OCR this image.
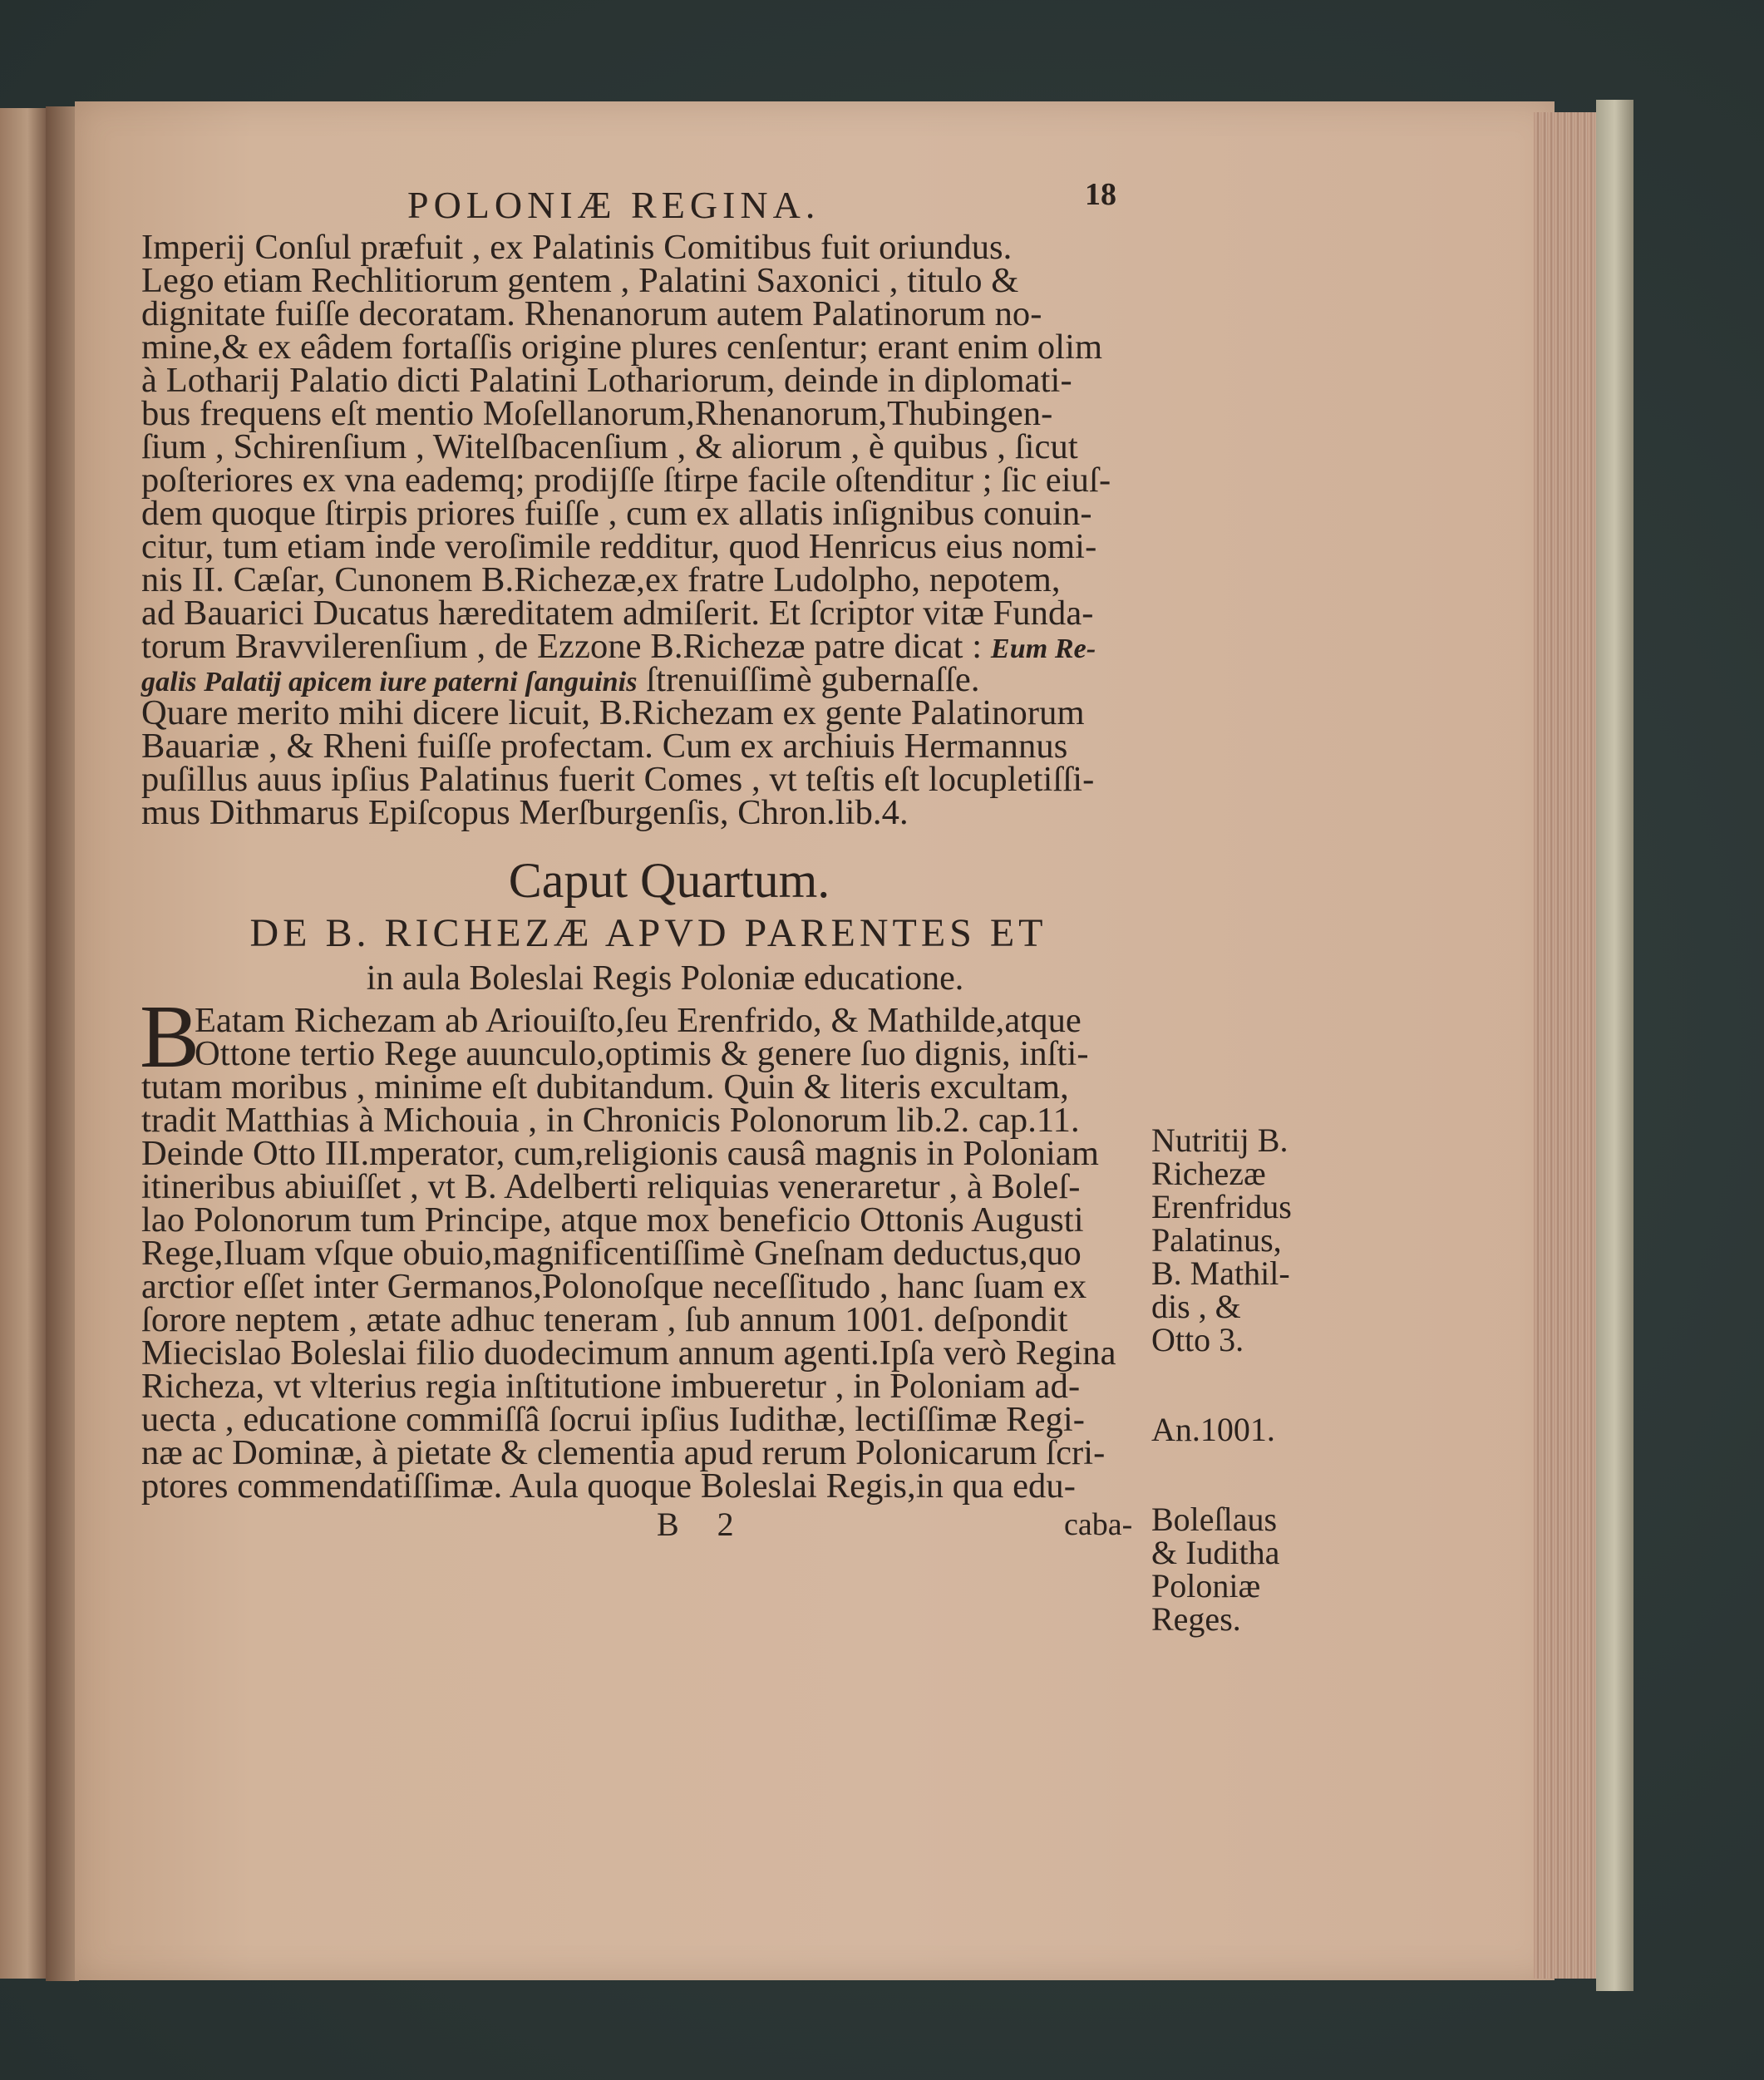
POLONIÆ REGINA.	18
Imperij Conſul præfuit , ex Palatinis Comitibus fuit oriundus.
Lego etiam Rechlitiorum gentem , Palatini Saxonici , titulo &
dignitate fuiſſe decoratam. Rhenanorum autem Palatinorum no-
mine,& ex eâdem fortaſſis origine plures cenſentur; erant enim olim
à Lotharij Palatio dicti Palatini Lothariorum, deinde in diplomati-
bus frequens eſt mentio Moſellanorum,Rhenanorum,Thubingen-
ſium , Schirenſium , Witelſbacenſium , & aliorum , è quibus , ſicut
poſteriores ex vna eademq; prodijſſe ſtirpe facile oſtenditur ; ſic eiuſ-
dem quoque ſtirpis priores fuiſſe , cum ex allatis inſignibus conuin-
citur, tum etiam inde veroſimile redditur, quod Henricus eius nomi-
nis II. Cæſar, Cunonem B.Richezæ,ex fratre Ludolpho, nepotem,
ad Bauarici Ducatus hæreditatem admiſerit. Et ſcriptor vitæ Funda-
torum Bravvilerenſium , de Ezzone B.Richezæ patre dicat : Eum Re-
galis Palatij apicem iure paterni ſanguinis ſtrenuiſſimè gubernaſſe.
Quare merito mihi dicere licuit, B.Richezam ex gente Palatinorum
Bauariæ , & Rheni fuiſſe profectam. Cum ex archiuis Hermannus
puſillus auus ipſius Palatinus fuerit Comes , vt teſtis eſt locupletiſſi-
mus Dithmarus Epiſcopus Merſburgenſis, Chron.lib.4.
Caput Quartum.
DE B. RICHEZÆ APVD PARENTES ET
in aula Boleslai Regis Poloniæ educatione.
B
Eatam Richezam ab Ariouiſto,ſeu Erenfrido, & Mathilde,atque
Ottone tertio Rege auunculo,optimis & genere ſuo dignis, inſti-
tutam moribus , minime eſt dubitandum. Quin & literis excultam,
tradit Matthias à Michouia , in Chronicis Polonorum lib.2. cap.11.
Deinde Otto III.mperator, cum,religionis causâ magnis in Poloniam
itineribus abiuiſſet , vt B. Adelberti reliquias veneraretur , à Boleſ-
lao Polonorum tum Principe, atque mox beneficio Ottonis Augusti
Rege,Iluam vſque obuio,magnificentiſſimè Gneſnam deductus,quo
arctior eſſet inter Germanos,Polonoſque neceſſitudo , hanc ſuam ex
ſorore neptem , ætate adhuc teneram , ſub annum 1001. deſpondit
Miecislao Boleslai filio duodecimum annum agenti.Ipſa verò Regina
Richeza, vt vlterius regia inſtitutione imbueretur , in Poloniam ad-
uecta , educatione commiſſâ ſocrui ipſius Iudithæ, lectiſſimæ Regi-
næ ac Dominæ, à pietate & clementia apud rerum Polonicarum ſcri-
ptores commendatiſſimæ. Aula quoque Boleslai Regis,in qua edu-
B 2	caba-
Nutritij B.
Richezæ
Erenfridus
Palatinus,
B. Mathil-
dis , &
Otto 3.
An.1001.
Boleſlaus
& Iuditha
Poloniæ
Reges.
